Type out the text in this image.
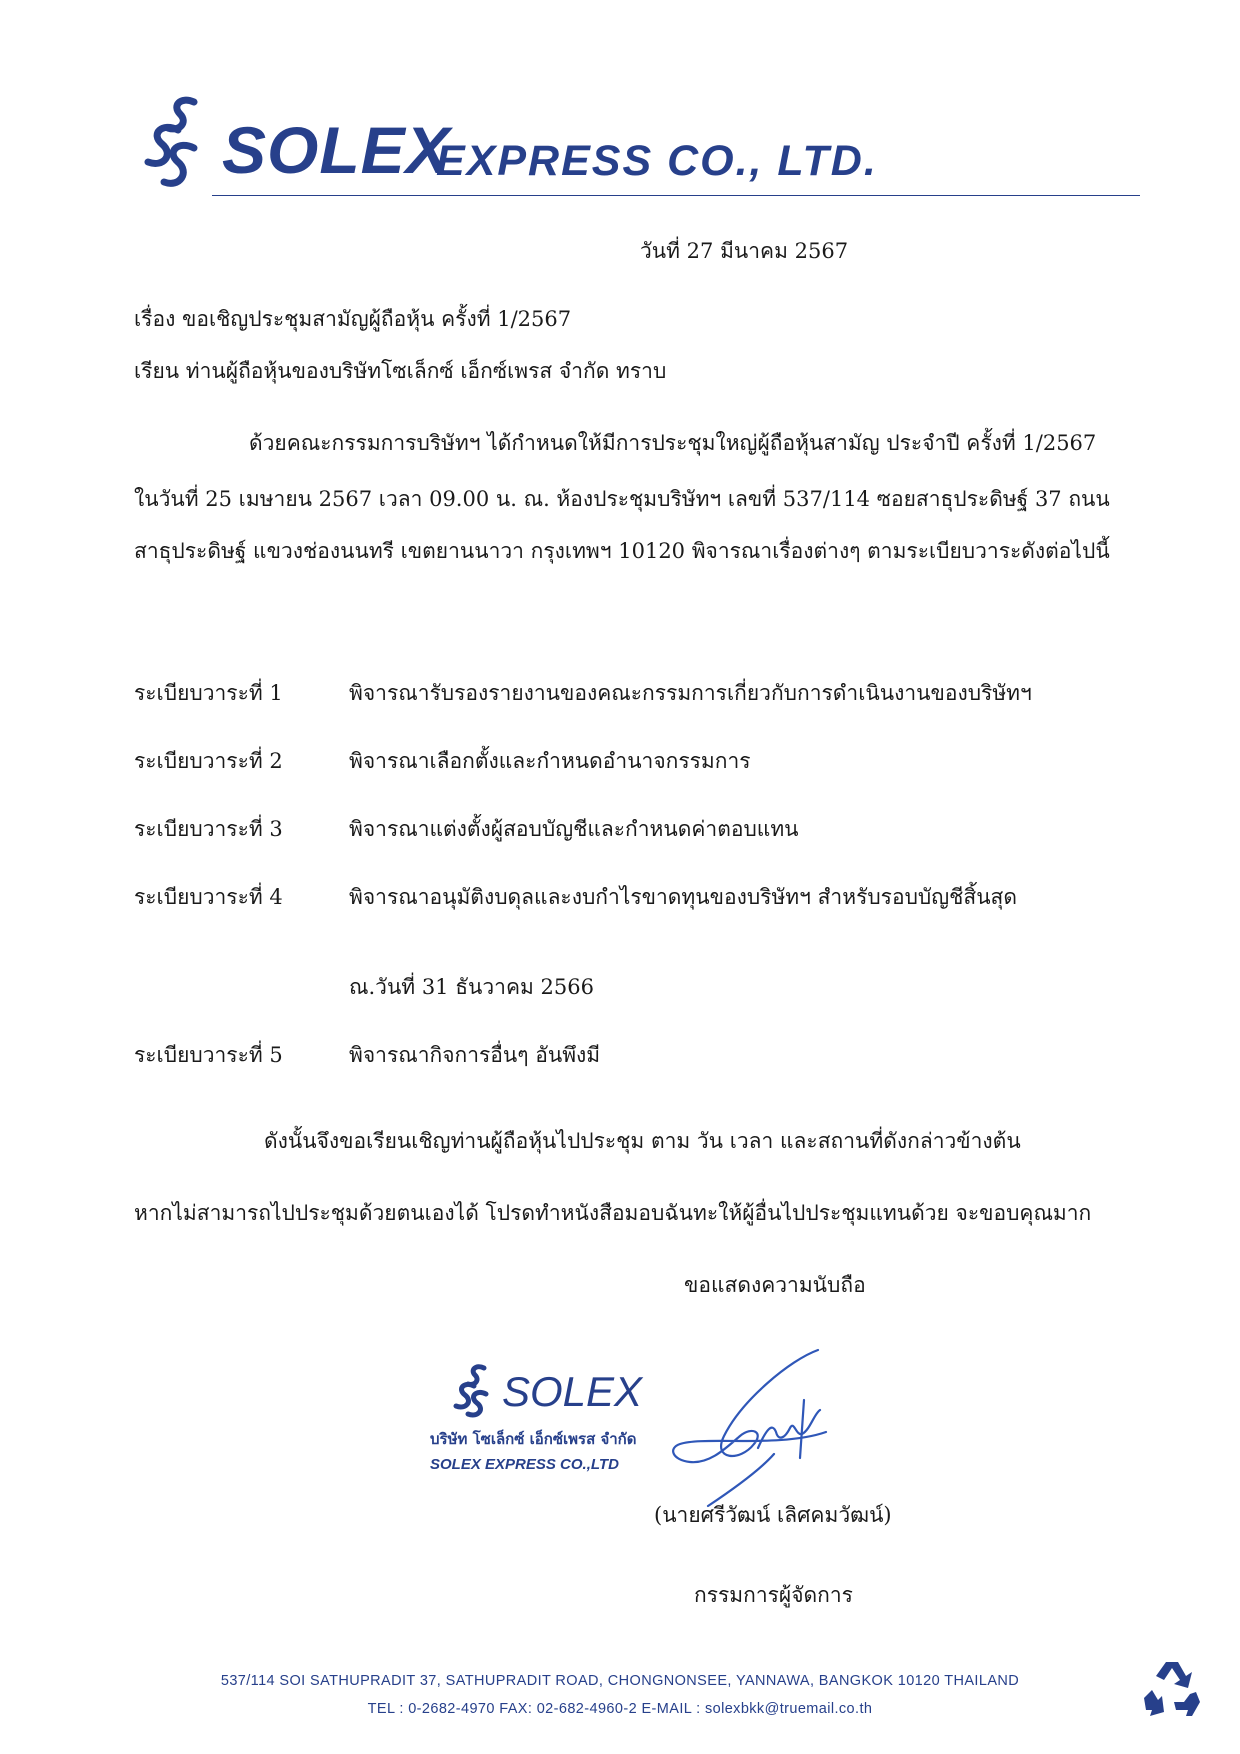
SOLEX
EXPRESS CO., LTD.
วันที่ 27 มีนาคม 2567
เรื่อง ขอเชิญประชุมสามัญผู้ถือหุ้น ครั้งที่ 1/2567
เรียน ท่านผู้ถือหุ้นของบริษัทโซเล็กซ์ เอ็กซ์เพรส จำกัด ทราบ
ด้วยคณะกรรมการบริษัทฯ ได้กำหนดให้มีการประชุมใหญ่ผู้ถือหุ้นสามัญ ประจำปี ครั้งที่ 1/2567
ในวันที่ 25 เมษายน 2567 เวลา 09.00 น. ณ. ห้องประชุมบริษัทฯ เลขที่ 537/114 ซอยสาธุประดิษฐ์ 37 ถนน
สาธุประดิษฐ์ แขวงช่องนนทรี เขตยานนาวา กรุงเทพฯ 10120 พิจารณาเรื่องต่างๆ ตามระเบียบวาระดังต่อไปนี้
ระเบียบวาระที่ 1	พิจารณารับรองรายงานของคณะกรรมการเกี่ยวกับการดำเนินงานของบริษัทฯ
ระเบียบวาระที่ 2	พิจารณาเลือกตั้งและกำหนดอำนาจกรรมการ
ระเบียบวาระที่ 3	พิจารณาแต่งตั้งผู้สอบบัญชีและกำหนดค่าตอบแทน
ระเบียบวาระที่ 4	พิจารณาอนุมัติงบดุลและงบกำไรขาดทุนของบริษัทฯ สำหรับรอบบัญชีสิ้นสุด
ณ.วันที่ 31 ธันวาคม 2566
ระเบียบวาระที่ 5	พิจารณากิจการอื่นๆ อันพึงมี
ดังนั้นจึงขอเรียนเชิญท่านผู้ถือหุ้นไปประชุม ตาม วัน เวลา และสถานที่ดังกล่าวข้างต้น
หากไม่สามารถไปประชุมด้วยตนเองได้ โปรดทำหนังสือมอบฉันทะให้ผู้อื่นไปประชุมแทนด้วย จะขอบคุณมาก
ขอแสดงความนับถือ
SOLEX
บริษัท โซเล็กซ์ เอ็กซ์เพรส จำกัด
SOLEX EXPRESS CO.,LTD
(นายศรีวัฒน์ เลิศคมวัฒน์)
กรรมการผู้จัดการ
537/114 SOI SATHUPRADIT 37, SATHUPRADIT ROAD, CHONGNONSEE, YANNAWA, BANGKOK 10120 THAILAND
TEL : 0-2682-4970 FAX: 02-682-4960-2 E-MAIL : solexbkk@truemail.co.th
